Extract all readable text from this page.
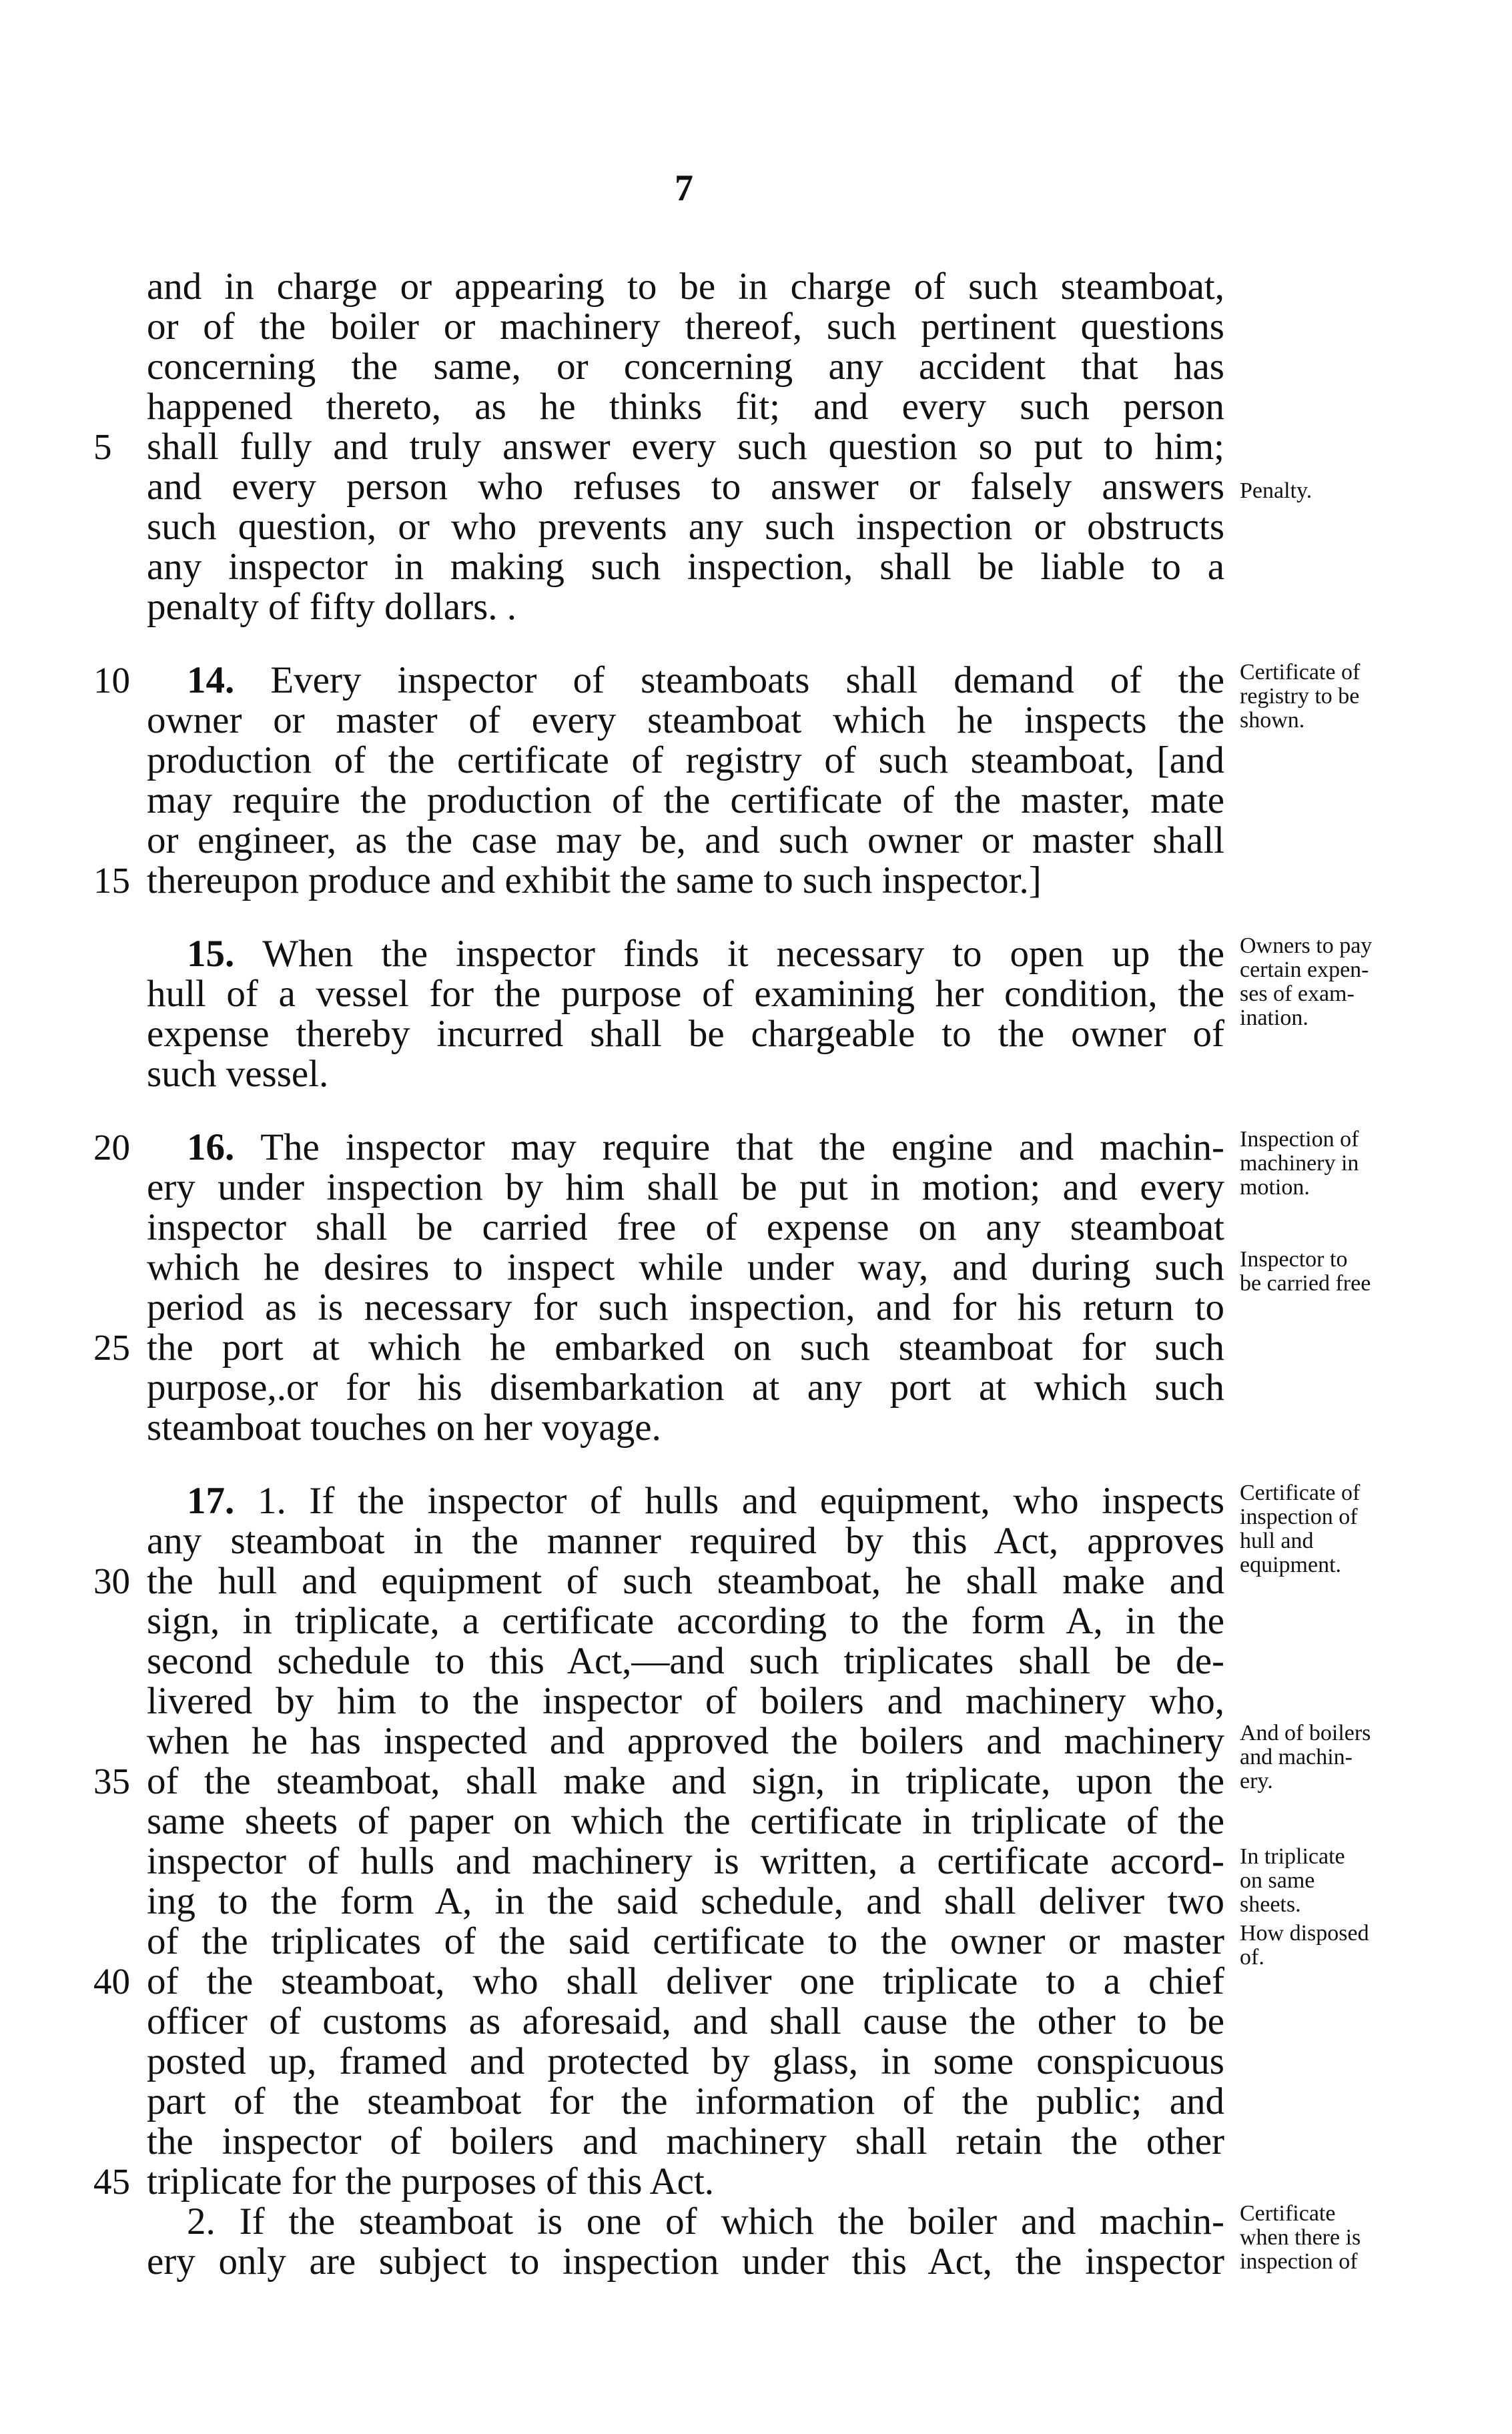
7
and in charge or appearing to be in charge of such steamboat,
or of the boiler or machinery thereof, such pertinent questions
concerning the same, or concerning any accident that has
happened thereto, as he thinks fit; and every such person
shall fully and truly answer every such question so put to him;
and every person who refuses to answer or falsely answers
such question, or who prevents any such inspection or obstructs
any inspector in making such inspection, shall be liable to a
penalty of fifty dollars. .
14. Every inspector of steamboats shall demand of the
owner or master of every steamboat which he inspects the
production of the certificate of registry of such steamboat, [and
may require the production of the certificate of the master, mate
or engineer, as the case may be, and such owner or master shall
thereupon produce and exhibit the same to such inspector.]
15. When the inspector finds it necessary to open up the
hull of a vessel for the purpose of examining her condition, the
expense thereby incurred shall be chargeable to the owner of
such vessel.
16. The inspector may require that the engine and machin-
ery under inspection by him shall be put in motion; and every
inspector shall be carried free of expense on any steamboat
which he desires to inspect while under way, and during such
period as is necessary for such inspection, and for his return to
the port at which he embarked on such steamboat for such
purpose,.or for his disembarkation at any port at which such
steamboat touches on her voyage.
17. 1. If the inspector of hulls and equipment, who inspects
any steamboat in the manner required by this Act, approves
the hull and equipment of such steamboat, he shall make and
sign, in triplicate, a certificate according to the form A, in the
second schedule to this Act,—and such triplicates shall be de-
livered by him to the inspector of boilers and machinery who,
when he has inspected and approved the boilers and machinery
of the steamboat, shall make and sign, in triplicate, upon the
same sheets of paper on which the certificate in triplicate of the
inspector of hulls and machinery is written, a certificate accord-
ing to the form A, in the said schedule, and shall deliver two
of the triplicates of the said certificate to the owner or master
of the steamboat, who shall deliver one triplicate to a chief
officer of customs as aforesaid, and shall cause the other to be
posted up, framed and protected by glass, in some conspicuous
part of the steamboat for the information of the public; and
the inspector of boilers and machinery shall retain the other
triplicate for the purposes of this Act.
2. If the steamboat is one of which the boiler and machin-
ery only are subject to inspection under this Act, the inspector
5
10
15
20
25
30
35
40
45
Penalty.
Certificate of
registry to be
shown.
Owners to pay
certain expen-
ses of exam-
ination.
Inspection of
machinery in
motion.
Inspector to
be carried free
Certificate of
inspection of
hull and
equipment.
And of boilers
and machin-
ery.
In triplicate
on same
sheets.
How disposed
of.
Certificate
when there is
inspection of
